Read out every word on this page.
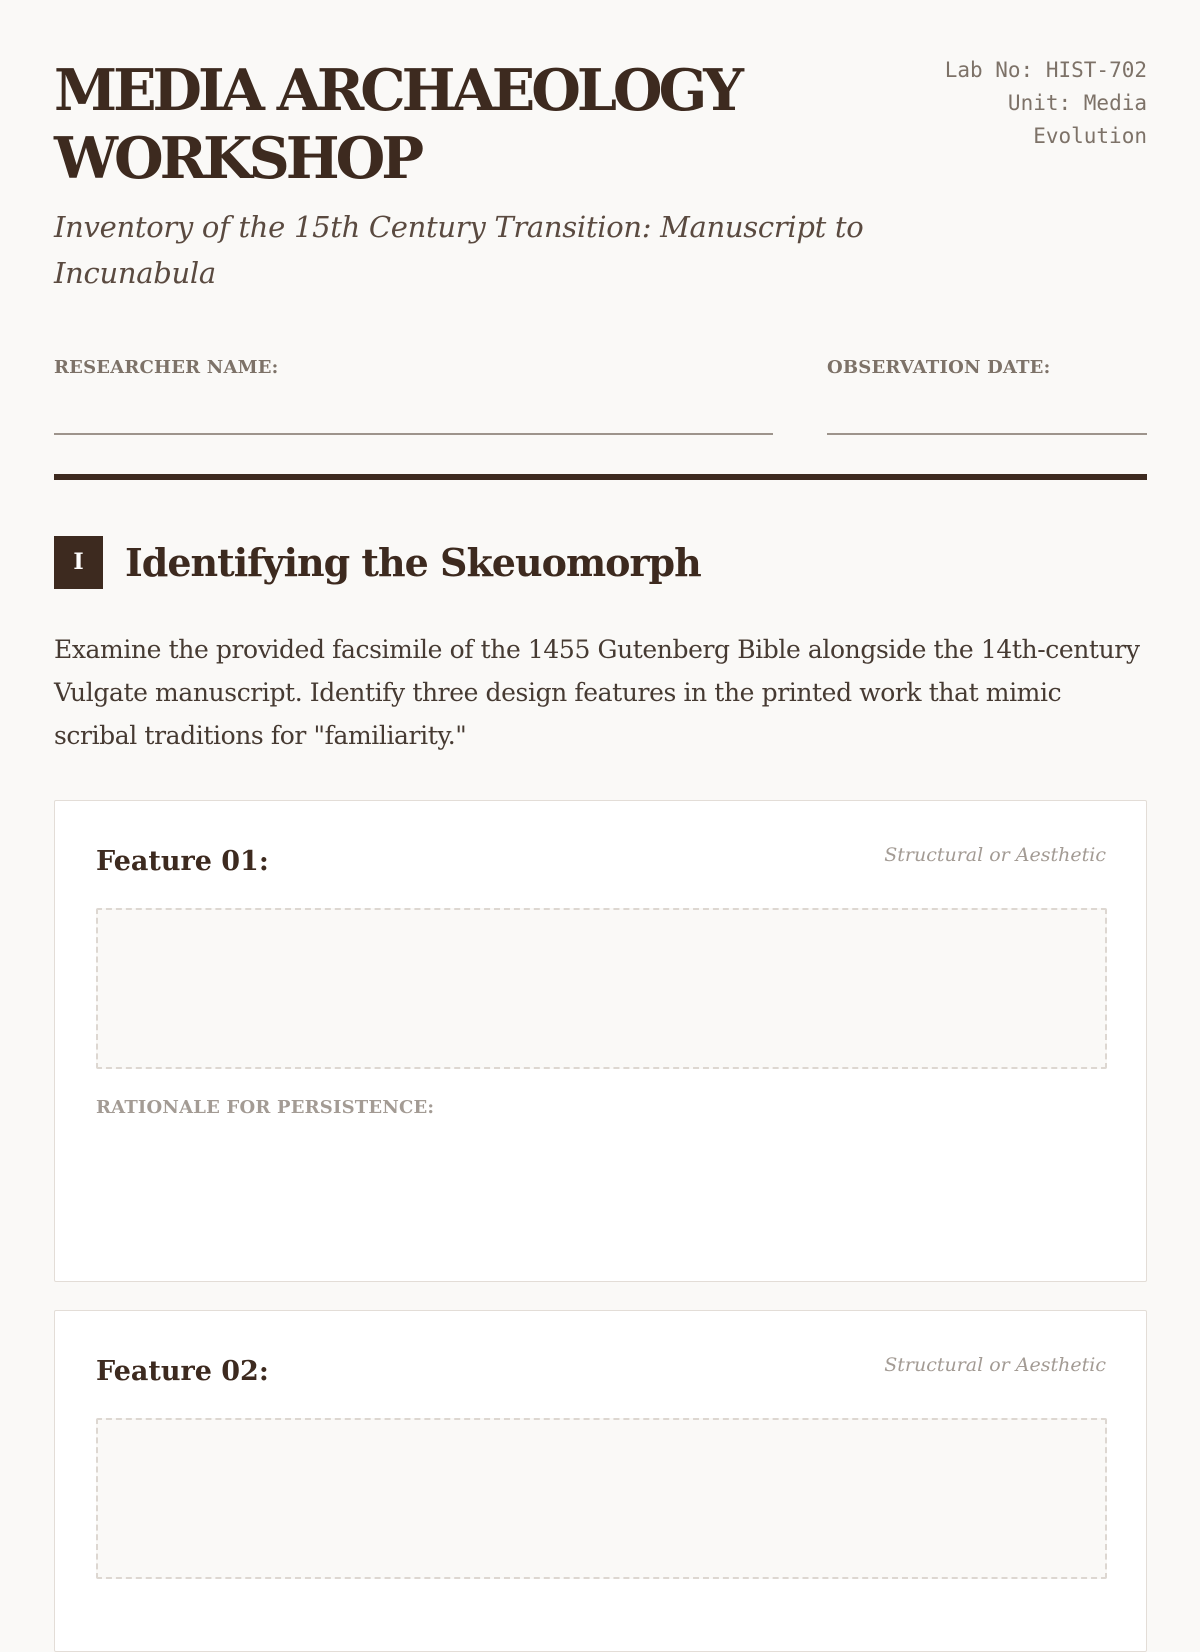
MEDIA ARCHAEOLOGY
WORKSHOP

Inventory of the 15th Century Transition: Manuscript to Incunabula

Lab No: HIST-702
Unit: Media
Evolution
RESEARCHER NAME:	OBSERVATION DATE:
I	Identifying the Skeuomorph

Examine the provided facsimile of the 1455 Gutenberg Bible alongside the 14th-century Vulgate manuscript. Identify three design features in the printed work that mimic scribal traditions for "familiarity."

Feature 01:	Structural or Aesthetic
RATIONALE FOR PERSISTENCE:
Feature 02:	Structural or Aesthetic
